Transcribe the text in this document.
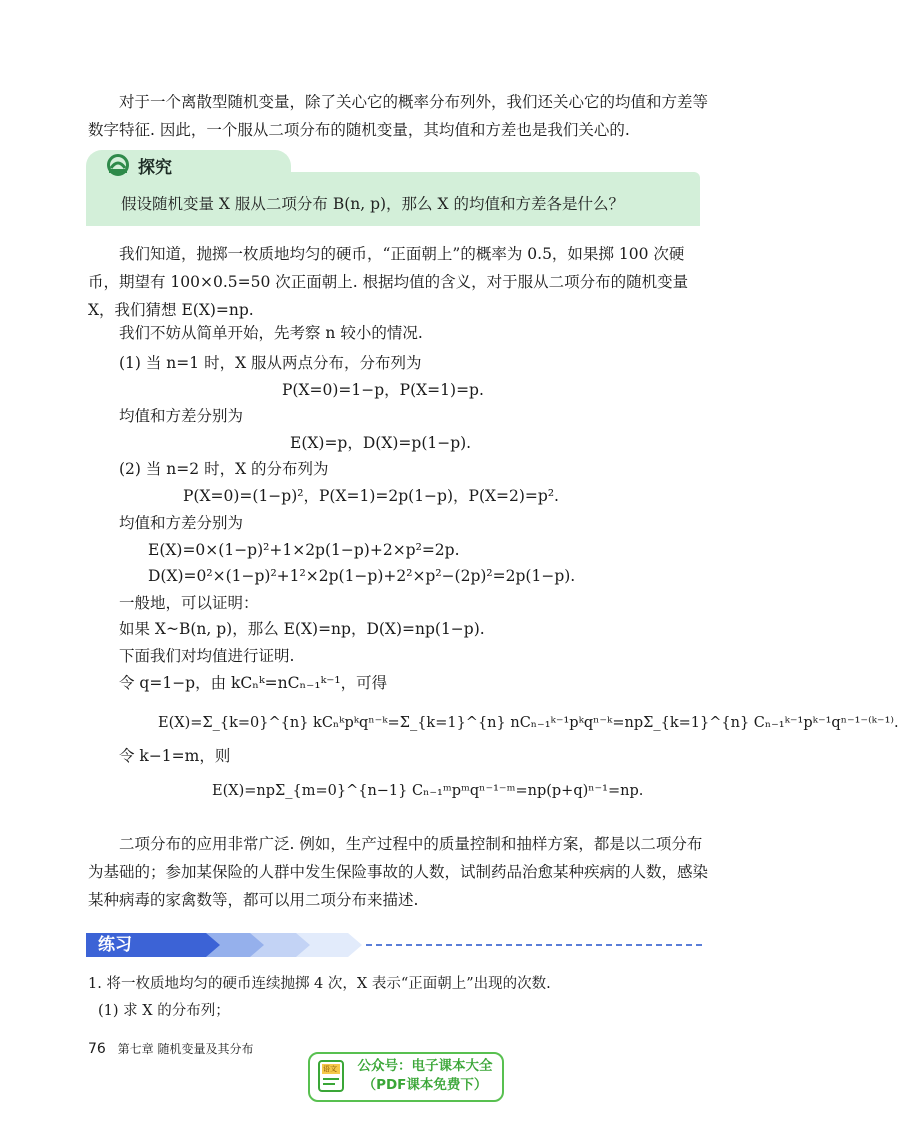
对于一个离散型随机变量，除了关心它的概率分布列外，我们还关心它的均值和方差等数字特征. 因此，一个服从二项分布的随机变量，其均值和方差也是我们关心的.

探究
假设随机变量 X 服从二项分布 B(n, p)，那么 X 的均值和方差各是什么？

我们知道，抛掷一枚质地均匀的硬币，“正面朝上”的概率为 0.5，如果掷 100 次硬币，期望有 100×0.5=50 次正面朝上. 根据均值的含义，对于服从二项分布的随机变量 X，我们猜想 E(X)=np.

我们不妨从简单开始，先考察 n 较小的情况.
(1) 当 n=1 时，X 服从两点分布，分布列为
P(X=0)=1−p，P(X=1)=p.
均值和方差分别为
E(X)=p，D(X)=p(1−p).
(2) 当 n=2 时，X 的分布列为
P(X=0)=(1−p)²，P(X=1)=2p(1−p)，P(X=2)=p².
均值和方差分别为
E(X)=0×(1−p)²+1×2p(1−p)+2×p²=2p.
D(X)=0²×(1−p)²+1²×2p(1−p)+2²×p²−(2p)²=2p(1−p).
一般地，可以证明：
如果 X~B(n, p)，那么 E(X)=np，D(X)=np(1−p).
下面我们对均值进行证明.
令 q=1−p，由 kCₙᵏ=nCₙ₋₁ᵏ⁻¹，可得
E(X)=Σ_{k=0}^{n} kCₙᵏpᵏqⁿ⁻ᵏ=Σ_{k=1}^{n} nCₙ₋₁ᵏ⁻¹pᵏqⁿ⁻ᵏ=npΣ_{k=1}^{n} Cₙ₋₁ᵏ⁻¹pᵏ⁻¹qⁿ⁻¹⁻⁽ᵏ⁻¹⁾.
令 k−1=m，则
E(X)=npΣ_{m=0}^{n−1} Cₙ₋₁ᵐpᵐqⁿ⁻¹⁻ᵐ=np(p+q)ⁿ⁻¹=np.

二项分布的应用非常广泛. 例如，生产过程中的质量控制和抽样方案，都是以二项分布为基础的；参加某保险的人群中发生保险事故的人数，试制药品治愈某种疾病的人数，感染某种病毒的家禽数等，都可以用二项分布来描述.

练习
1. 将一枚质地均匀的硬币连续抛掷 4 次，X 表示“正面朝上”出现的次数.
(1) 求 X 的分布列；
76 第七章 随机变量及其分布
语文	公众号：电子课本大全
（PDF课本免费下）
